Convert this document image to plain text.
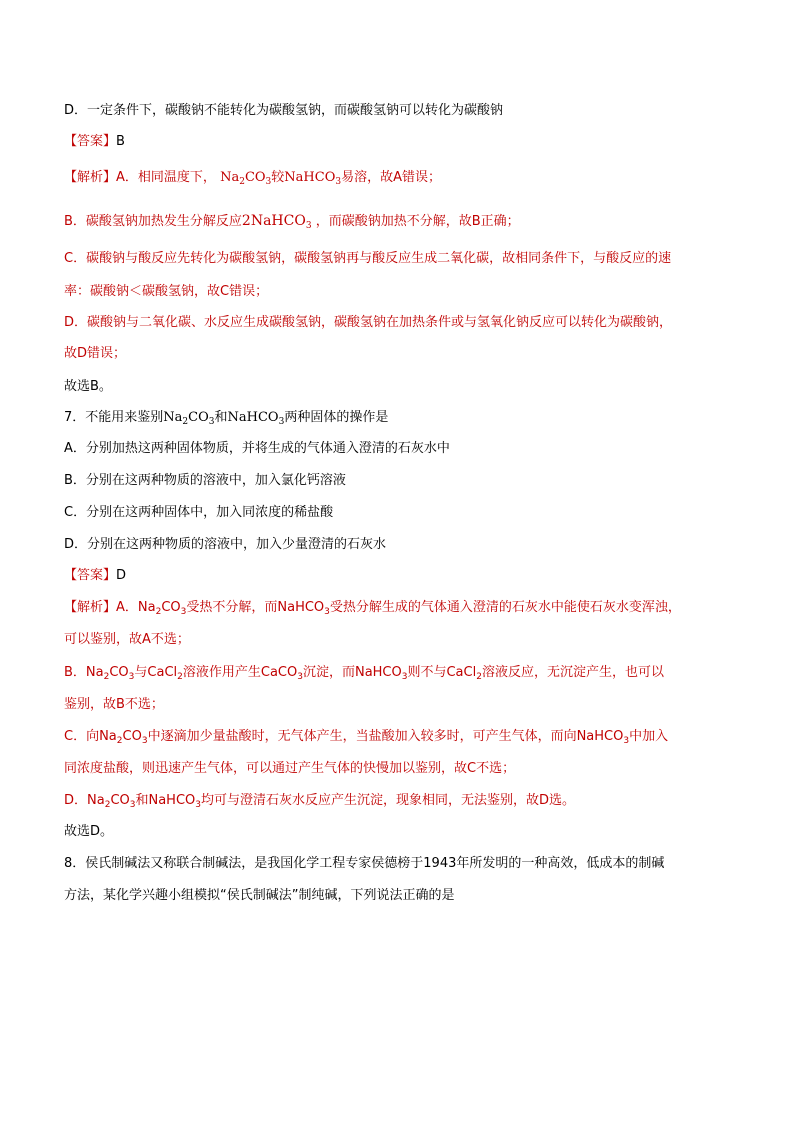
D．一定条件下，碳酸钠不能转化为碳酸氢钠，而碳酸氢钠可以转化为碳酸钠
【答案】B
【解析】A．相同温度下， $Na_2CO_3$较NaHCO$_3$易溶，故A错误；
B．碳酸氢钠加热发生分解反应2NaHCO$_3$ ，而碳酸钠加热不分解，故B正确；
C．碳酸钠与酸反应先转化为碳酸氢钠，碳酸氢钠再与酸反应生成二氧化碳，故相同条件下，与酸反应的速
率：碳酸钠＜碳酸氢钠，故C错误；
D．碳酸钠与二氧化碳、水反应生成碳酸氢钠，碳酸氢钠在加热条件或与氢氧化钠反应可以转化为碳酸钠，
故D错误；
故选B。
7．不能用来鉴别$Na_2CO_3$和NaHCO$_3$两种固体的操作是
A．分别加热这两种固体物质，并将生成的气体通入澄清的石灰水中
B．分别在这两种物质的溶液中，加入氯化钙溶液
C．分别在这两种固体中，加入同浓度的稀盐酸
D．分别在这两种物质的溶液中，加入少量澄清的石灰水
【答案】D
【解析】A．$Na_2CO_3$受热不分解，而NaHCO$_3$受热分解生成的气体通入澄清的石灰水中能使石灰水变浑浊，
可以鉴别，故A不选；
B．$Na_2CO_3$与CaCl$_2$溶液作用产生CaCO$_3$沉淀，而NaHCO$_3$则不与CaCl$_2$溶液反应，无沉淀产生，也可以
鉴别，故B不选；
C．向$Na_2CO_3$中逐滴加少量盐酸时，无气体产生，当盐酸加入较多时，可产生气体，而向NaHCO$_3$中加入
同浓度盐酸，则迅速产生气体，可以通过产生气体的快慢加以鉴别，故C不选；
D．$Na_2CO_3$和NaHCO$_3$均可与澄清石灰水反应产生沉淀，现象相同，无法鉴别，故D选。
故选D。
8．侯氏制碱法又称联合制碱法，是我国化学工程专家侯德榜于1943年所发明的一种高效，低成本的制碱
方法，某化学兴趣小组模拟“侯氏制碱法”制纯碱，下列说法正确的是
